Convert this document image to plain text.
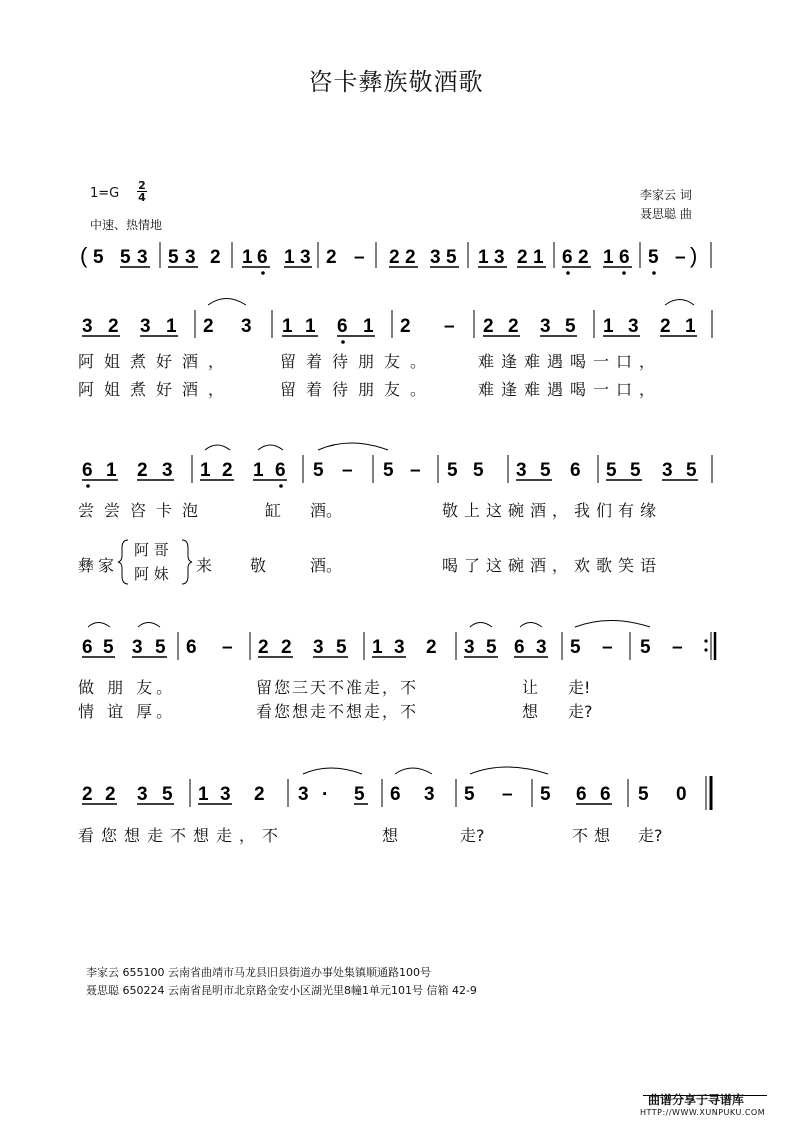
咨卡彝族敬酒歌
$1=G \frac{2}{4}$
中速、热情地
李家云 词
聂思聪 曲
( 5 5 3 5 3 2 1 6 1 3 2 – 2 2 3 5 1 3 2 1 6 2 1 6 5 – )
3 2 3 1 2 3 1 1 6 1 2 – 2 2 3 5 1 3 2 1
6 1 2 3 1 2 1 6 5 – 5 – 5 5 3 5 6 5 5 3 5
6 5 3 5 6 – 2 2 3 5 1 3 2 3 5 6 3 5 – 5 –
2 2 3 5 1 3 2 3 · 5 6 3 5 – 5 6 6 5 0
阿姐煮好酒，	留着待朋友。	难逢难遇喝一口，
阿姐煮好酒，	留着待朋友。	难逢难遇喝一口，
尝尝咨卡泡	缸 酒。	敬上这碗酒，我们有缘
彝家
阿 哥
阿 妹 来 敬	酒。	喝了这碗酒，欢歌笑语
做 朋 友。	留您三天不准走，不	让 走!
情 谊 厚。	看您想走不想走，不	想 走?
看您想走不想走，不	想	走?	不想 走?
李家云 655100 云南省曲靖市马龙县旧县街道办事处集镇顺通路100号
聂思聪 650224 云南省昆明市北京路金安小区湖光里8幢1单元101号 信箱 42-9
曲谱分享于寻谱库
HTTP://WWW.XUNPUKU.COM
